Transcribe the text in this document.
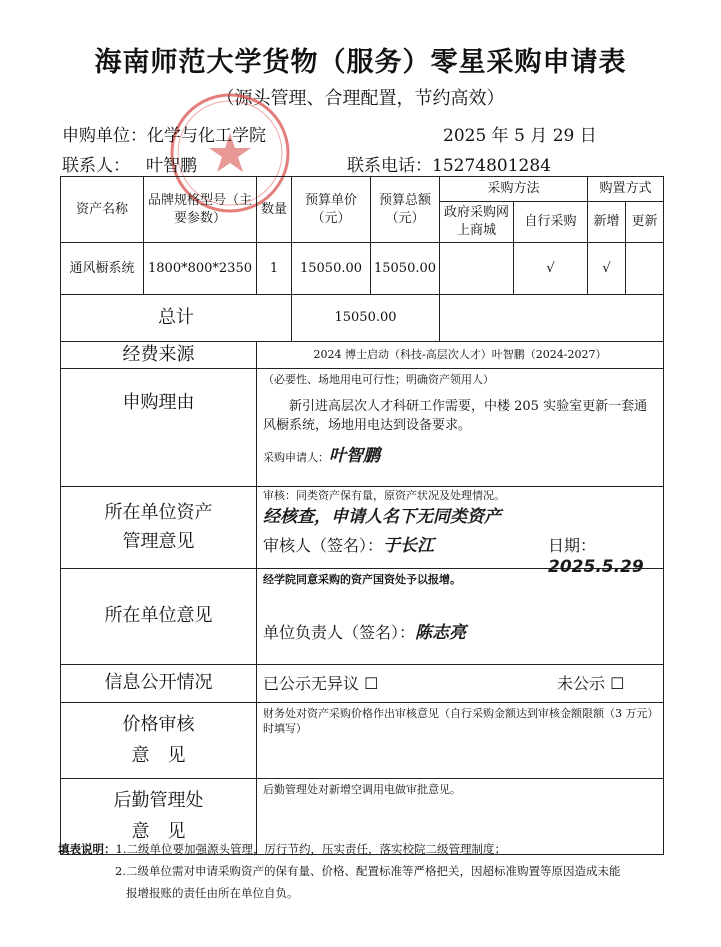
海南师范大学货物（服务）零星采购申请表
（源头管理、合理配置，节约高效）
申购单位：化学与化工学院	2025 年 5 月 29 日
联系人： 叶智鹏	联系电话：15274801284
资产名称	品牌规格型号（主要参数）	数量	预算单价（元）	预算总额（元）	采购方法		购置方式	
					政府采购网上商城	自行采购	新增	更新
通风橱系统	1800*800*2350	1	15050.00	15050.00		√	√	
总计			15050.00					
经费来源		2024 博士启动（科技-高层次人才）叶智鹏（2024-2027）						
申购理由		（必要性、场地用电可行性；明确资产领用人）
新引进高层次人才科研工作需要，中楼 205 实验室更新一套通风橱系统，场地用电达到设备要求。
采购申请人：叶智鹏						

所在单位资产管理意见		审核：同类资产保有量，原资产状况及处理情况。
经核查，申请人名下无同类资产
审核人（签名）：于长江 日期：2025.5.29						

所在单位意见		经学院同意采购的资产国资处予以报增。
单位负责人（签名）：陈志亮						

信息公开情况		已公示无异议 ☐ 未公示 ☐						

价格审核
意　见		财务处对资产采购价格作出审核意见（自行采购金额达到审核金额限额（3 万元）时填写）						

后勤管理处
意　见		后勤管理处对新增空调用电做审批意见。						
填表说明：1.二级单位要加强源头管理，厉行节约，压实责任，落实校院二级管理制度；
2.二级单位需对申请采购资产的保有量、价格、配置标准等严格把关，因超标准购置等原因造成未能
报增报账的责任由所在单位自负。
